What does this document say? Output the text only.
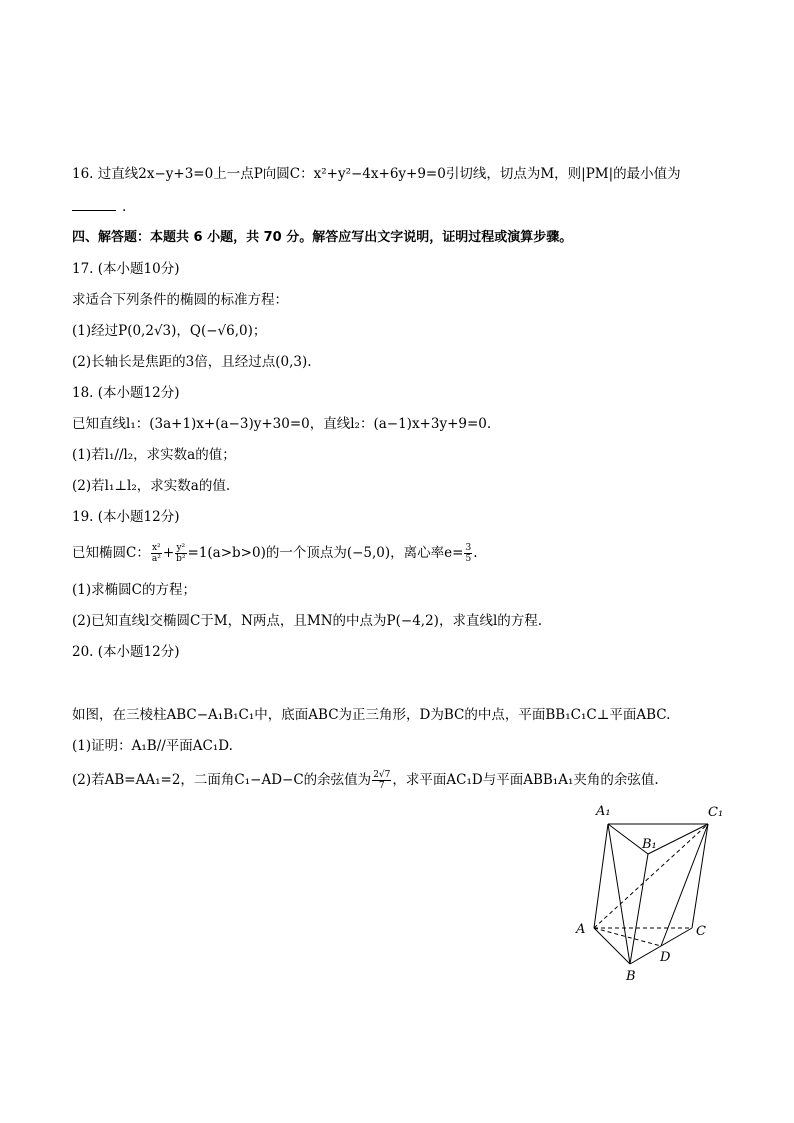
16. 过直线2x−y+3=0上一点P向圆C：x²+y²−4x+6y+9=0引切线，切点为M，则|PM|的最小值为
.
四、解答题：本题共 6 小题，共 70 分。解答应写出文字说明，证明过程或演算步骤。
17. (本小题10分)
求适合下列条件的椭圆的标准方程：
(1)经过P(0,2√3)，Q(−√6,0)；
(2)长轴长是焦距的3倍，且经过点(0,3).
18. (本小题12分)
已知直线l₁：(3a+1)x+(a−3)y+30=0，直线l₂：(a−1)x+3y+9=0.
(1)若l₁//l₂，求实数a的值；
(2)若l₁⊥l₂，求实数a的值.
19. (本小题12分)
已知椭圆C： $\frac{\text{x²}}{\text{a²}} + \frac{\text{y²}}{\text{b²}} =1(a>b>0)$的一个顶点为(−5,0)，离心率$e= \frac{3}{5}$ .
(1)求椭圆C的方程；
(2)已知直线l交椭圆C于M，N两点，且MN的中点为P(−4,2)，求直线l的方程.
20. (本小题12分)
如图，在三棱柱ABC−A₁B₁C₁中，底面ABC为正三角形，D为BC的中点，平面BB₁C₁C⊥平面ABC.
(1)证明：A₁B//平面AC₁D.
(2)若AB=AA₁=2，二面角C₁−AD−C的余弦值为 $\frac{2√7}{7}$ ，求平面AC₁D与平面ABB₁A₁夹角的余弦值.
A₁	C₁
B₁
A	C
D
B
